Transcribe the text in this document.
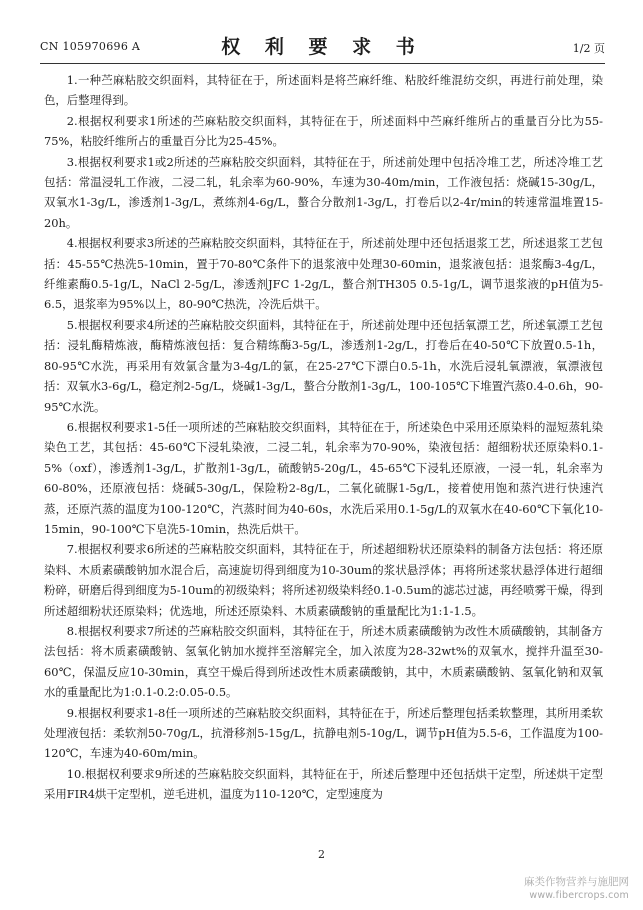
CN 105970696 A	权 利 要 求 书	1/2 页

1.一种苎麻粘胶交织面料，其特征在于，所述面料是将苎麻纤维、粘胶纤维混纺交织，再进行前处理，染色，后整理得到。

2.根据权利要求1所述的苎麻粘胶交织面料，其特征在于，所述面料中苎麻纤维所占的重量百分比为55-75%，粘胶纤维所占的重量百分比为25-45%。

3.根据权利要求1或2所述的苎麻粘胶交织面料，其特征在于，所述前处理中包括冷堆工艺，所述冷堆工艺包括：常温浸轧工作液，二浸二轧，轧余率为60-90%，车速为30-40m/min，工作液包括：烧碱15-30g/L，双氧水1-3g/L，渗透剂1-3g/L，煮练剂4-6g/L，螯合分散剂1-3g/L，打卷后以2-4r/min的转速常温堆置15-20h。

4.根据权利要求3所述的苎麻粘胶交织面料，其特征在于，所述前处理中还包括退浆工艺，所述退浆工艺包括：45-55℃热洗5-10min，置于70-80℃条件下的退浆液中处理30-60min，退浆液包括：退浆酶3-4g/L，纤维素酶0.5-1g/L，NaCl 2-5g/L，渗透剂JFC 1-2g/L，螯合剂TH305 0.5-1g/L，调节退浆液的pH值为5-6.5，退浆率为95%以上，80-90℃热洗，冷洗后烘干。

5.根据权利要求4所述的苎麻粘胶交织面料，其特征在于，所述前处理中还包括氧漂工艺，所述氧漂工艺包括：浸轧酶精炼液，酶精炼液包括：复合精练酶3-5g/L，渗透剂1-2g/L，打卷后在40-50℃下放置0.5-1h，80-95℃水洗，再采用有效氯含量为3-4g/L的氯，在25-27℃下漂白0.5-1h，水洗后浸轧氧漂液，氧漂液包括：双氧水3-6g/L，稳定剂2-5g/L，烧碱1-3g/L，螯合分散剂1-3g/L，100-105℃下堆置汽蒸0.4-0.6h，90-95℃水洗。

6.根据权利要求1-5任一项所述的苎麻粘胶交织面料，其特征在于，所述染色中采用还原染料的湿短蒸轧染染色工艺，其包括：45-60℃下浸轧染液，二浸二轧，轧余率为70-90%，染液包括：超细粉状还原染料0.1-5%（oxf），渗透剂1-3g/L，扩散剂1-3g/L，硫酸钠5-20g/L，45-65℃下浸轧还原液，一浸一轧，轧余率为60-80%，还原液包括：烧碱5-30g/L，保险粉2-8g/L，二氧化硫脲1-5g/L，接着使用饱和蒸汽进行快速汽蒸，还原汽蒸的温度为100-120℃，汽蒸时间为40-60s，水洗后采用0.1-5g/L的双氧水在40-60℃下氧化10-15min，90-100℃下皂洗5-10min，热洗后烘干。

7.根据权利要求6所述的苎麻粘胶交织面料，其特征在于，所述超细粉状还原染料的制备方法包括：将还原染料、木质素磺酸钠加水混合后，高速旋切得到细度为10-30um的浆状悬浮体；再将所述浆状悬浮体进行超细粉碎，研磨后得到细度为5-10um的初级染料；将所述初级染料经0.1-0.5um的滤芯过滤，再经喷雾干燥，得到所述超细粉状还原染料；优选地，所述还原染料、木质素磺酸钠的重量配比为1:1-1.5。

8.根据权利要求7所述的苎麻粘胶交织面料，其特征在于，所述木质素磺酸钠为改性木质磺酸钠，其制备方法包括：将木质素磺酸钠、氢氧化钠加水搅拌至溶解完全，加入浓度为28-32wt%的双氧水，搅拌升温至30-60℃，保温反应10-30min，真空干燥后得到所述改性木质素磺酸钠，其中，木质素磺酸钠、氢氧化钠和双氧水的重量配比为1:0.1-0.2:0.05-0.5。

9.根据权利要求1-8任一项所述的苎麻粘胶交织面料，其特征在于，所述后整理包括柔软整理，其所用柔软处理液包括：柔软剂50-70g/L，抗滑移剂5-15g/L，抗静电剂5-10g/L，调节pH值为5.5-6，工作温度为100-120℃，车速为40-60m/min。

10.根据权利要求9所述的苎麻粘胶交织面料，其特征在于，所述后整理中还包括烘干定型，所述烘干定型采用FIR4烘干定型机，逆毛进机，温度为110-120℃，定型速度为

2
麻类作物营养与施肥网
www.fibercrops.com
